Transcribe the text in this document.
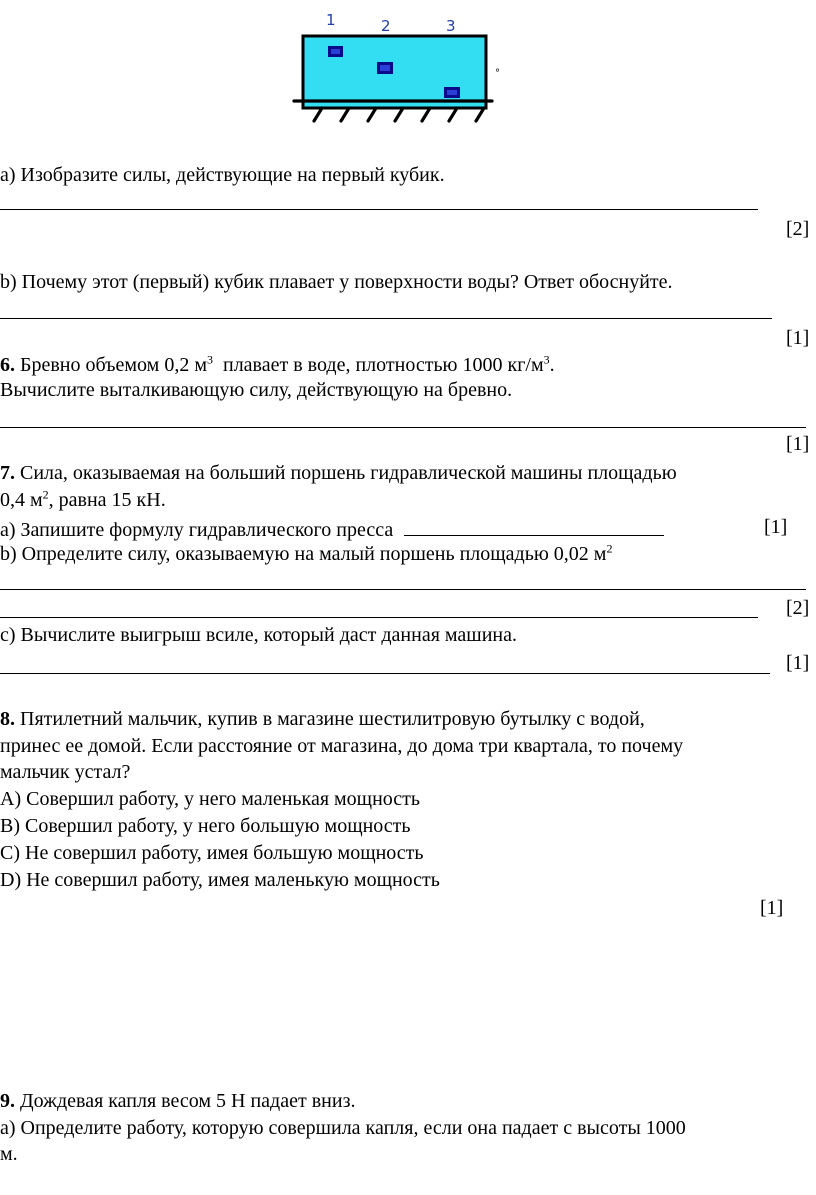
1	2	3
°
a) Изобразите силы, действующие на первый кубик.
[2]
b) Почему этот (первый) кубик плавает у поверхности воды? Ответ обоснуйте.
[1]
6. Бревно объемом 0,2 $м^3$  плавает в воде, плотностью 1000 $кг/м^3$.
Вычислите выталкивающую силу, действующую на бревно.
[1]
7. Сила, оказываемая на больший поршень гидравлической машины площадью
0,4 $м^2$, равна 15 кН.
а) Запишите формулу гидравлического пресса	[1]
b) Определите силу, оказываемую на малый поршень площадью 0,02 $м^2$
[2]
c) Вычислите выигрыш всиле, который даст данная машина.
[1]
8. Пятилетний мальчик, купив в магазине шестилитровую бутылку с водой,
принес ее домой. Если расстояние от магазина, до дома три квартала, то почему
мальчик устал?
A) Совершил работу, у него маленькая мощность
B) Совершил работу, у него большую мощность
C) Не совершил работу, имея большую мощность
D) Не совершил работу, имея маленькую мощность
[1]
9. Дождевая капля весом 5 Н падает вниз.
а) Определите работу, которую совершила капля, если она падает с высоты 1000
м.
